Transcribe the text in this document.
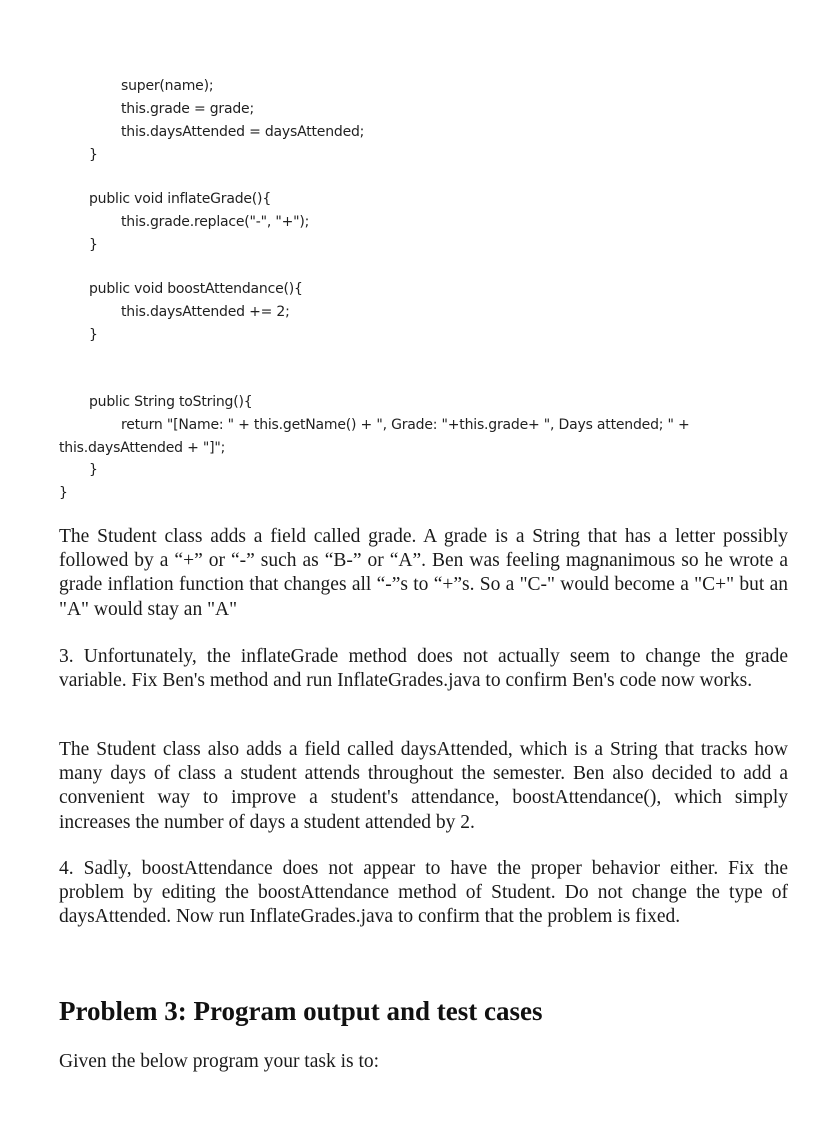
super(name);
this.grade = grade;
this.daysAttended = daysAttended;
}
public void inflateGrade(){
this.grade.replace("-", "+");
}
public void boostAttendance(){
this.daysAttended += 2;
}
public String toString(){
return "[Name: " + this.getName() + ", Grade: "+this.grade+ ", Days attended; " +
this.daysAttended + "]";
}
}

The Student class adds a field called grade. A grade is a String that has a letter possibly followed by a “+” or “-” such as “B-” or “A”. Ben was feeling magnanimous so he wrote a grade inflation function that changes all “-”s to “+”s. So a "C-" would become a "C+" but an "A" would stay an "A"

3. Unfortunately, the inflateGrade method does not actually seem to change the grade variable. Fix Ben's method and run InflateGrades.java to confirm Ben's code now works.

The Student class also adds a field called daysAttended, which is a String that tracks how many days of class a student attends throughout the semester. Ben also decided to add a convenient way to improve a student's attendance, boostAttendance(), which simply increases the number of days a student attended by 2.

4. Sadly, boostAttendance does not appear to have the proper behavior either. Fix the problem by editing the boostAttendance method of Student. Do not change the type of daysAttended. Now run InflateGrades.java to confirm that the problem is fixed.

Problem 3: Program output and test cases

Given the below program your task is to:
